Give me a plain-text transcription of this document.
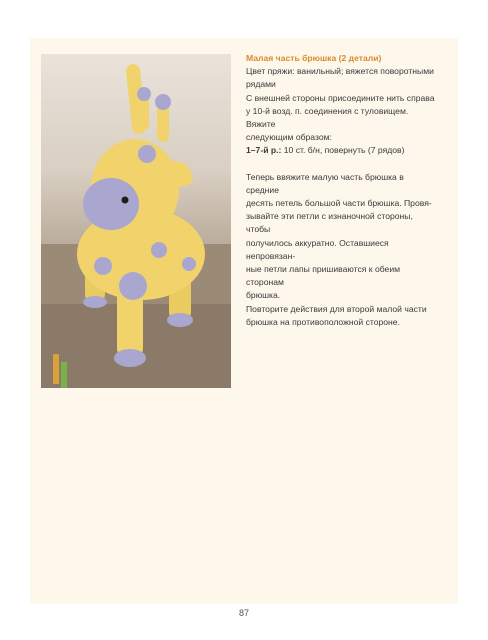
Малая часть брюшка (2 детали)

Цвет пряжи: ванильный; вяжется поворотными

рядами

С внешней стороны присоедините нить справа

у 10-й возд. п. соединения с туловищем. Вяжите

следующим образом:

1–7-й р.: 10 ст. б/н, повернуть (7 рядов)

Теперь ввяжите малую часть брюшка в средние

десять петель большой части брюшка. Провя-

зывайте эти петли с изнаночной стороны, чтобы

получилось аккуратно. Оставшиеся непровязан-

ные петли лапы пришиваются к обеим сторонам

брюшка.

Повторите действия для второй малой части

брюшка на противоположной стороне.

87
